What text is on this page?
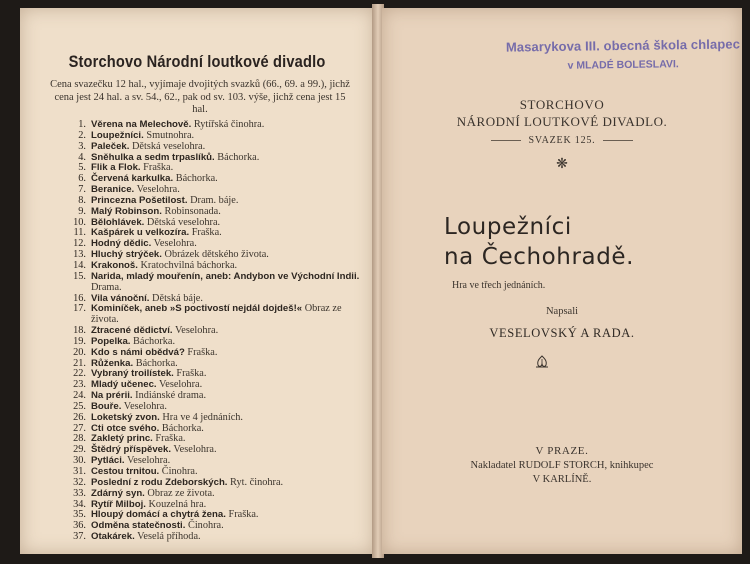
Storchovo Národní loutkové divadlo
Cena svazečku 12 hal., vyjímaje dvojitých svazků (66., 69. a 99.), jichž cena jest 24 hal. a sv. 54., 62., pak od sv. 103. výše, jichž cena jest 15 hal.
1. Věrena na Melechově. Rytířská činohra.
2. Loupežníci. Smutnohra.
3. Paleček. Dětská veselohra.
4. Sněhulka a sedm trpaslíků. Báchorka.
5. Flik a Flok. Fraška.
6. Červená karkulka. Báchorka.
7. Beranice. Veselohra.
8. Princezna Pošetilost. Dram. báje.
9. Malý Robinson. Robinsonada.
10. Bělohlávek. Dětská veselohra.
11. Kašpárek u velkozíra. Fraška.
12. Hodný dědic. Veselohra.
13. Hluchý strýček. Obrázek dětského života.
14. Krakonoš. Kratochvilná báchorka.
15. Narida, mladý mouřenín, aneb: Andybon ve Východní Indii. Drama.
16. Vila vánoční. Dětská báje.
17. Kominíček, aneb »S poctivostí nejdál dojdeš!« Obraz ze života.
18. Ztracené dědictví. Veselohra.
19. Popelka. Báchorka.
20. Kdo s námi obědvá? Fraška.
21. Růženka. Báchorka.
22. Vybraný troilístek. Fraška.
23. Mladý učenec. Veselohra.
24. Na prérii. Indiánské drama.
25. Bouře. Veselohra.
26. Loketský zvon. Hra ve 4 jednáních.
27. Cti otce svého. Báchorka.
28. Zakletý princ. Fraška.
29. Štědrý příspěvek. Veselohra.
30. Pytláci. Veselohra.
31. Cestou trnitou. Činohra.
32. Poslední z rodu Zdeborských. Ryt. činohra.
33. Zdárný syn. Obraz ze života.
34. Rytíř Milboj. Kouzelná hra.
35. Hloupý domácí a chytrá žena. Fraška.
36. Odměna statečnosti. Činohra.
37. Otakárek. Veselá příhoda.
Masarykova III. obecná škola chlapec
v MLADÉ BOLESLAVI.
STORCHOVO
NÁRODNÍ LOUTKOVÉ DIVADLO.
SVAZEK 125.
❋
Loupežníci
na Čechohradě.
Hra ve třech jednáních.
Napsali
VESELOVSKÝ A RADA.
V PRAZE.
Nakladatel RUDOLF STORCH, knihkupec
V KARLÍNĚ.
